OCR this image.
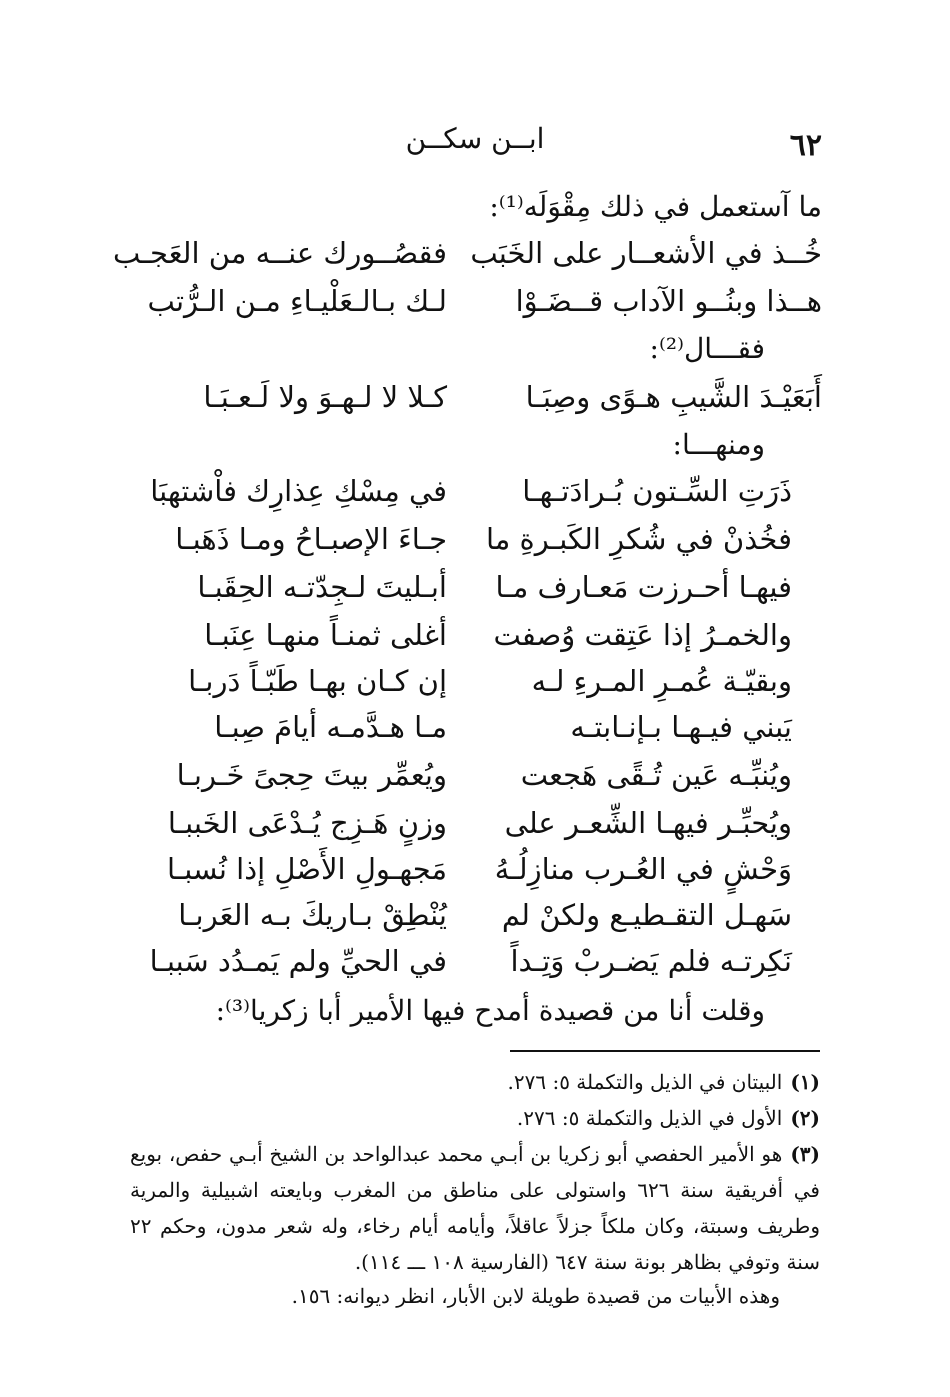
٦٢
ابــن سكــن
ما آستعمل في ذلك مِقْوَلَه⁽¹⁾:
خُــذ في الأشعــار على الخَبَب
فقصُــورك عنــه من العَجـب
هــذا وبنُــو الآداب قــضَـوْا
لـك بـالـعَلْيـاءِ مـن الـرُّتب
فقـــال⁽²⁾:
أَبَعَيْـدَ الشَّيبِ هـوًى وصِبَـا
كـلا لا لـهـوَ ولا لَـعـبَـا
ومنهـــا:
ذَرَتِ السِّـتون بُـرادَتـهـا
في مِسْكِ عِذارِك فاْشتهبَا
فخُذنْ في شُكرِ الكَبـرةِ ما
جـاءَ الإصبـاحُ ومـا ذَهَبـا
فيهـا أحـرزت مَعـارف مـا
أبـليتَ لـجِدّتـه الحِقَبـا
والخمـرُ إذا عَتِقت وُصفت
أغلى ثمنـاً منهـا عِنَبـا
وبقيّـة عُمـرِ المـرءِ لـه
إن كـان بهـا طَبّـاً دَربـا
يَبني فيـهـا بـإنـابتـه
مـا هـدَّمـه أيامَ صِبـا
ويُنبِّـه عَين تُـقًى هَجعت
ويُعمِّر بيتَ حِجىً خَـربـا
ويُحبِّـر فيهـا الشِّعـر على
وزنٍ هَـزِج يُـدْعَى الخَببـا
وَحْشٍ في العُـرب منازِلُـهُ
مَجهـولِ الأَصْلِ إذا نُسبـا
سَهـل التقـطيـع ولكنْ لم
يُنْطِقْ بـاريكَ بـه العَربـا
نَكِرتـه فلم يَضـربْ وَتِـداً
في الحيِّ ولم يَمـدُد سَببـا
وقلت أنا من قصيدة أمدح فيها الأمير أبا زكريا⁽³⁾:
(١)البيتان في الذيل والتكملة ٥: ٢٧٦.
(٢)الأول في الذيل والتكملة ٥: ٢٧٦.
(٣)هو الأمير الحفصي أبو زكريا بن أبـي محمد عبدالواحد بن الشيخ أبـي حفص، بويع في أفريقية سنة ٦٢٦ واستولى على مناطق من المغرب وبايعته اشبيلية والمرية وطريف وسبتة، وكان ملكاً جزلاً عاقلاً، وأيامه أيام رخاء، وله شعر مدون، وحكم ٢٢ سنة وتوفي بظاهر بونة سنة ٦٤٧ (الفارسية ١٠٨ ـــ ١١٤).
وهذه الأبيات من قصيدة طويلة لابن الأبار، انظر ديوانه: ١٥٦.
